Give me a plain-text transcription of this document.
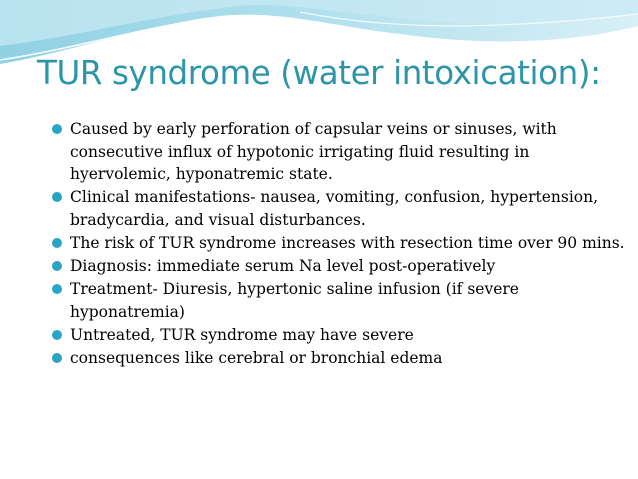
TUR syndrome (water intoxication):
Caused by early perforation of capsular veins or sinuses, with consecutive influx of hypotonic irrigating fluid resulting in hyervolemic, hyponatremic state.
Clinical manifestations- nausea, vomiting, confusion, hypertension, bradycardia, and visual disturbances.
The risk of TUR syndrome increases with resection time over 90 mins.
Diagnosis: immediate serum Na level post-operatively
Treatment- Diuresis, hypertonic saline infusion (if severe hyponatremia)
Untreated, TUR syndrome may have severe
consequences like cerebral or bronchial edema
